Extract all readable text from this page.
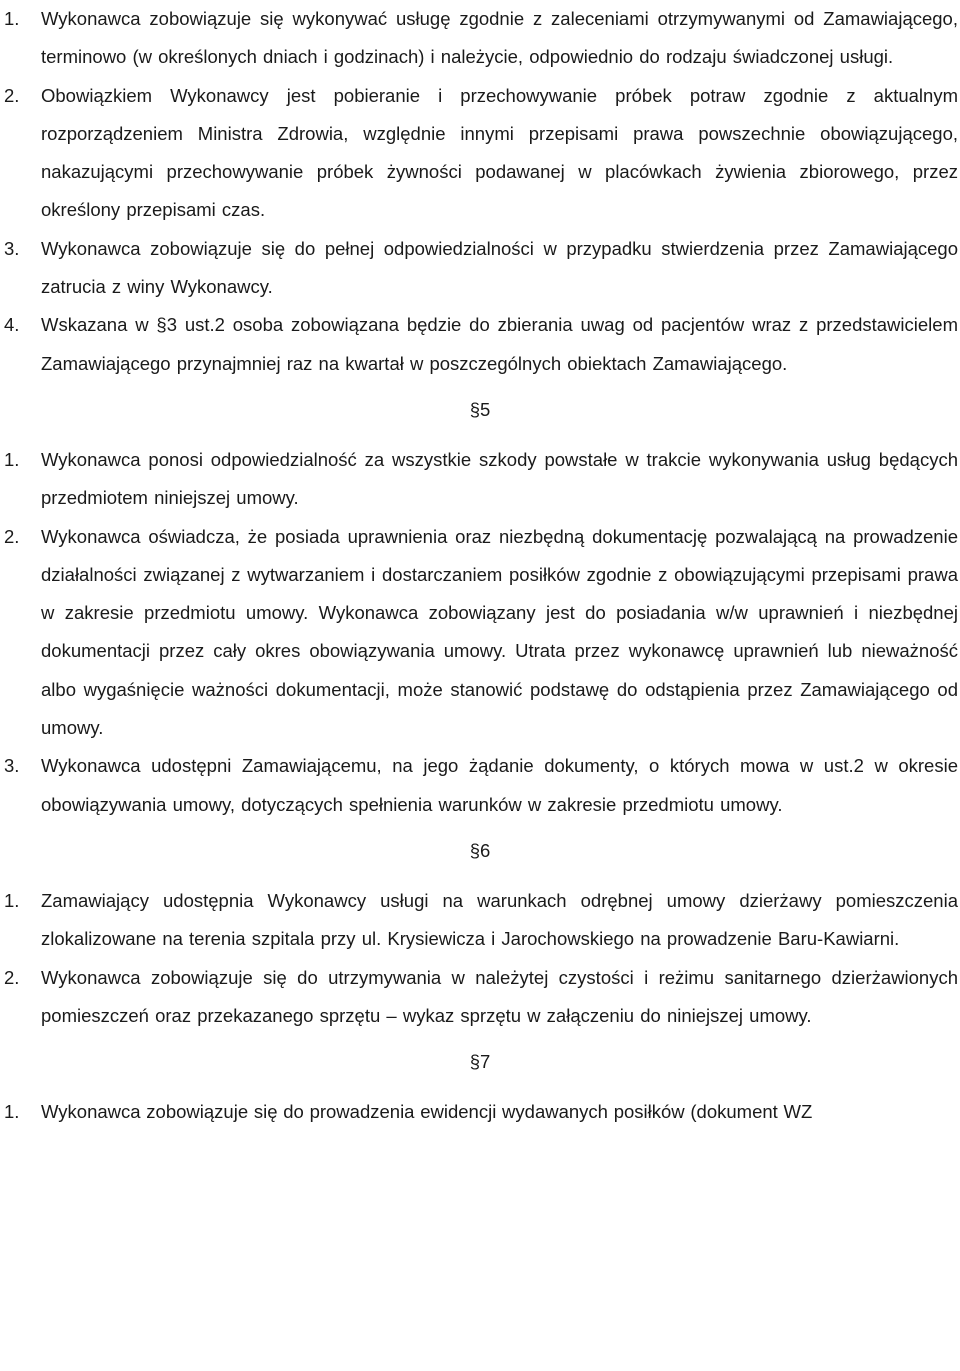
1. Wykonawca zobowiązuje się wykonywać usługę zgodnie z zaleceniami otrzymywanymi od Zamawiającego, terminowo (w określonych dniach i godzinach) i należycie, odpowiednio do rodzaju świadczonej usługi.
2. Obowiązkiem Wykonawcy jest pobieranie i przechowywanie próbek potraw zgodnie z aktualnym rozporządzeniem Ministra Zdrowia, względnie innymi przepisami prawa powszechnie obowiązującego, nakazującymi przechowywanie próbek żywności podawanej w placówkach żywienia zbiorowego, przez określony przepisami czas.
3. Wykonawca zobowiązuje się do pełnej odpowiedzialności w przypadku stwierdzenia przez Zamawiającego zatrucia z winy Wykonawcy.
4. Wskazana w §3 ust.2 osoba zobowiązana będzie do zbierania uwag od pacjentów wraz z przedstawicielem Zamawiającego przynajmniej raz na kwartał w poszczególnych obiektach Zamawiającego.
§5
1. Wykonawca ponosi odpowiedzialność za wszystkie szkody powstałe w trakcie wykonywania usług będących przedmiotem niniejszej umowy.
2. Wykonawca oświadcza, że posiada uprawnienia oraz niezbędną dokumentację pozwalającą na prowadzenie działalności związanej z wytwarzaniem i dostarczaniem posiłków zgodnie z obowiązującymi przepisami prawa w zakresie przedmiotu umowy. Wykonawca zobowiązany jest do posiadania w/w uprawnień i niezbędnej dokumentacji przez cały okres obowiązywania umowy. Utrata przez wykonawcę uprawnień lub nieważność albo wygaśnięcie ważności dokumentacji, może stanowić podstawę do odstąpienia przez Zamawiającego od umowy.
3. Wykonawca udostępni Zamawiającemu, na jego żądanie dokumenty, o których mowa w ust.2 w okresie obowiązywania umowy, dotyczących spełnienia warunków w zakresie przedmiotu umowy.
§6
1. Zamawiający udostępnia Wykonawcy usługi na warunkach odrębnej umowy dzierżawy pomieszczenia zlokalizowane na terenia szpitala przy ul. Krysiewicza i Jarochowskiego na prowadzenie Baru-Kawiarni.
2. Wykonawca zobowiązuje się do utrzymywania w należytej czystości i reżimu sanitarnego dzierżawionych pomieszczeń oraz przekazanego sprzętu – wykaz sprzętu w załączeniu do niniejszej umowy.
§7
1. Wykonawca zobowiązuje się do prowadzenia ewidencji wydawanych posiłków (dokument WZ
